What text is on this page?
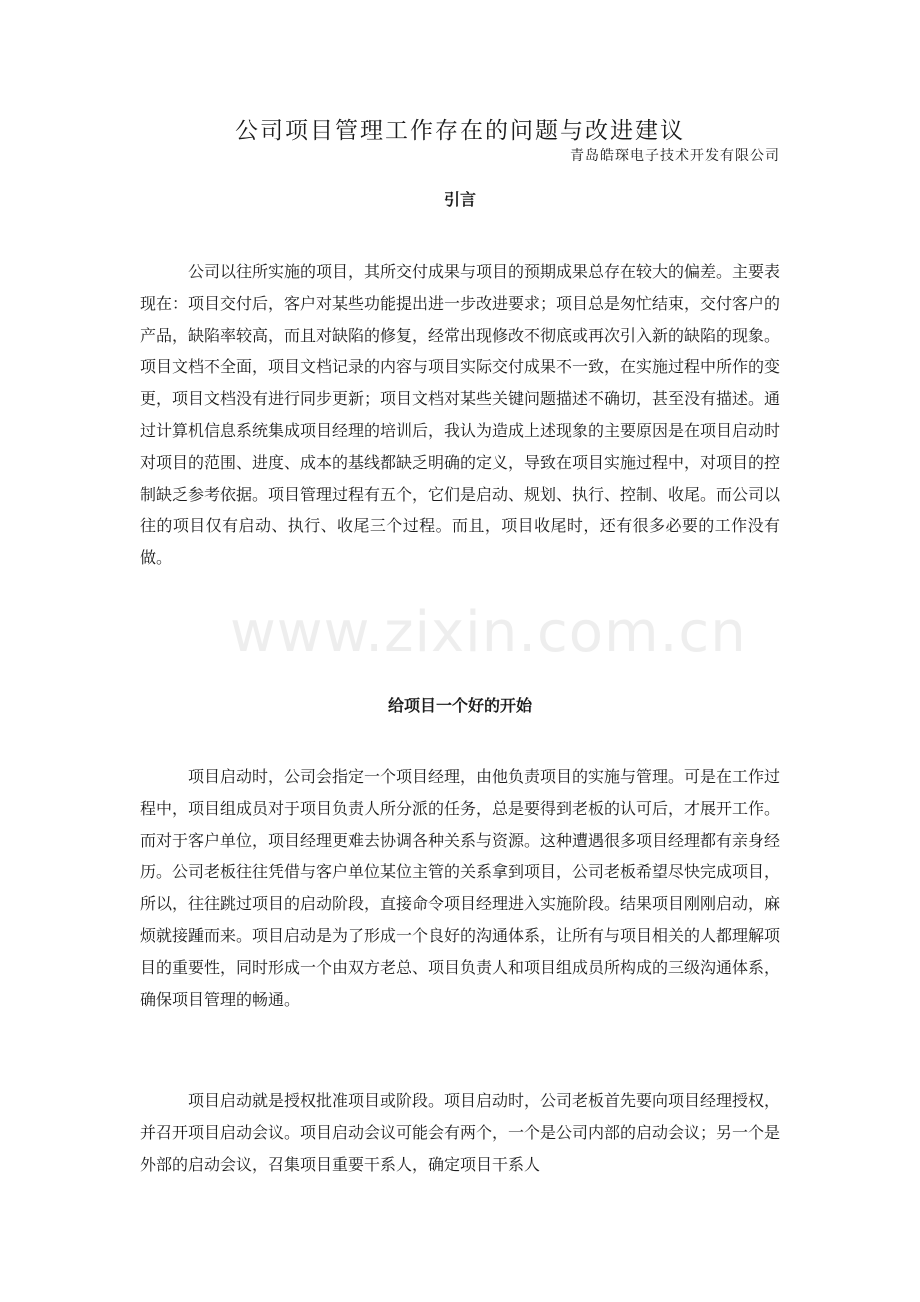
公司项目管理工作存在的问题与改进建议
青岛皓琛电子技术开发有限公司
引言

公司以往所实施的项目，其所交付成果与项目的预期成果总存在较大的偏差。主要表现在：项目交付后，客户对某些功能提出进一步改进要求；项目总是匆忙结束，交付客户的产品，缺陷率较高，而且对缺陷的修复，经常出现修改不彻底或再次引入新的缺陷的现象。项目文档不全面，项目文档记录的内容与项目实际交付成果不一致，在实施过程中所作的变更，项目文档没有进行同步更新；项目文档对某些关键问题描述不确切，甚至没有描述。通过计算机信息系统集成项目经理的培训后，我认为造成上述现象的主要原因是在项目启动时对项目的范围、进度、成本的基线都缺乏明确的定义，导致在项目实施过程中，对项目的控制缺乏参考依据。项目管理过程有五个，它们是启动、规划、执行、控制、收尾。而公司以往的项目仅有启动、执行、收尾三个过程。而且，项目收尾时，还有很多必要的工作没有做。

给项目一个好的开始

项目启动时，公司会指定一个项目经理，由他负责项目的实施与管理。可是在工作过程中，项目组成员对于项目负责人所分派的任务，总是要得到老板的认可后，才展开工作。而对于客户单位，项目经理更难去协调各种关系与资源。这种遭遇很多项目经理都有亲身经历。公司老板往往凭借与客户单位某位主管的关系拿到项目，公司老板希望尽快完成项目，所以，往往跳过项目的启动阶段，直接命令项目经理进入实施阶段。结果项目刚刚启动，麻烦就接踵而来。项目启动是为了形成一个良好的沟通体系，让所有与项目相关的人都理解项目的重要性，同时形成一个由双方老总、项目负责人和项目组成员所构成的三级沟通体系，确保项目管理的畅通。

项目启动就是授权批准项目或阶段。项目启动时，公司老板首先要向项目经理授权，并召开项目启动会议。项目启动会议可能会有两个，一个是公司内部的启动会议；另一个是外部的启动会议，召集项目重要干系人，确定项目干系人

www.zixin.com.cn
